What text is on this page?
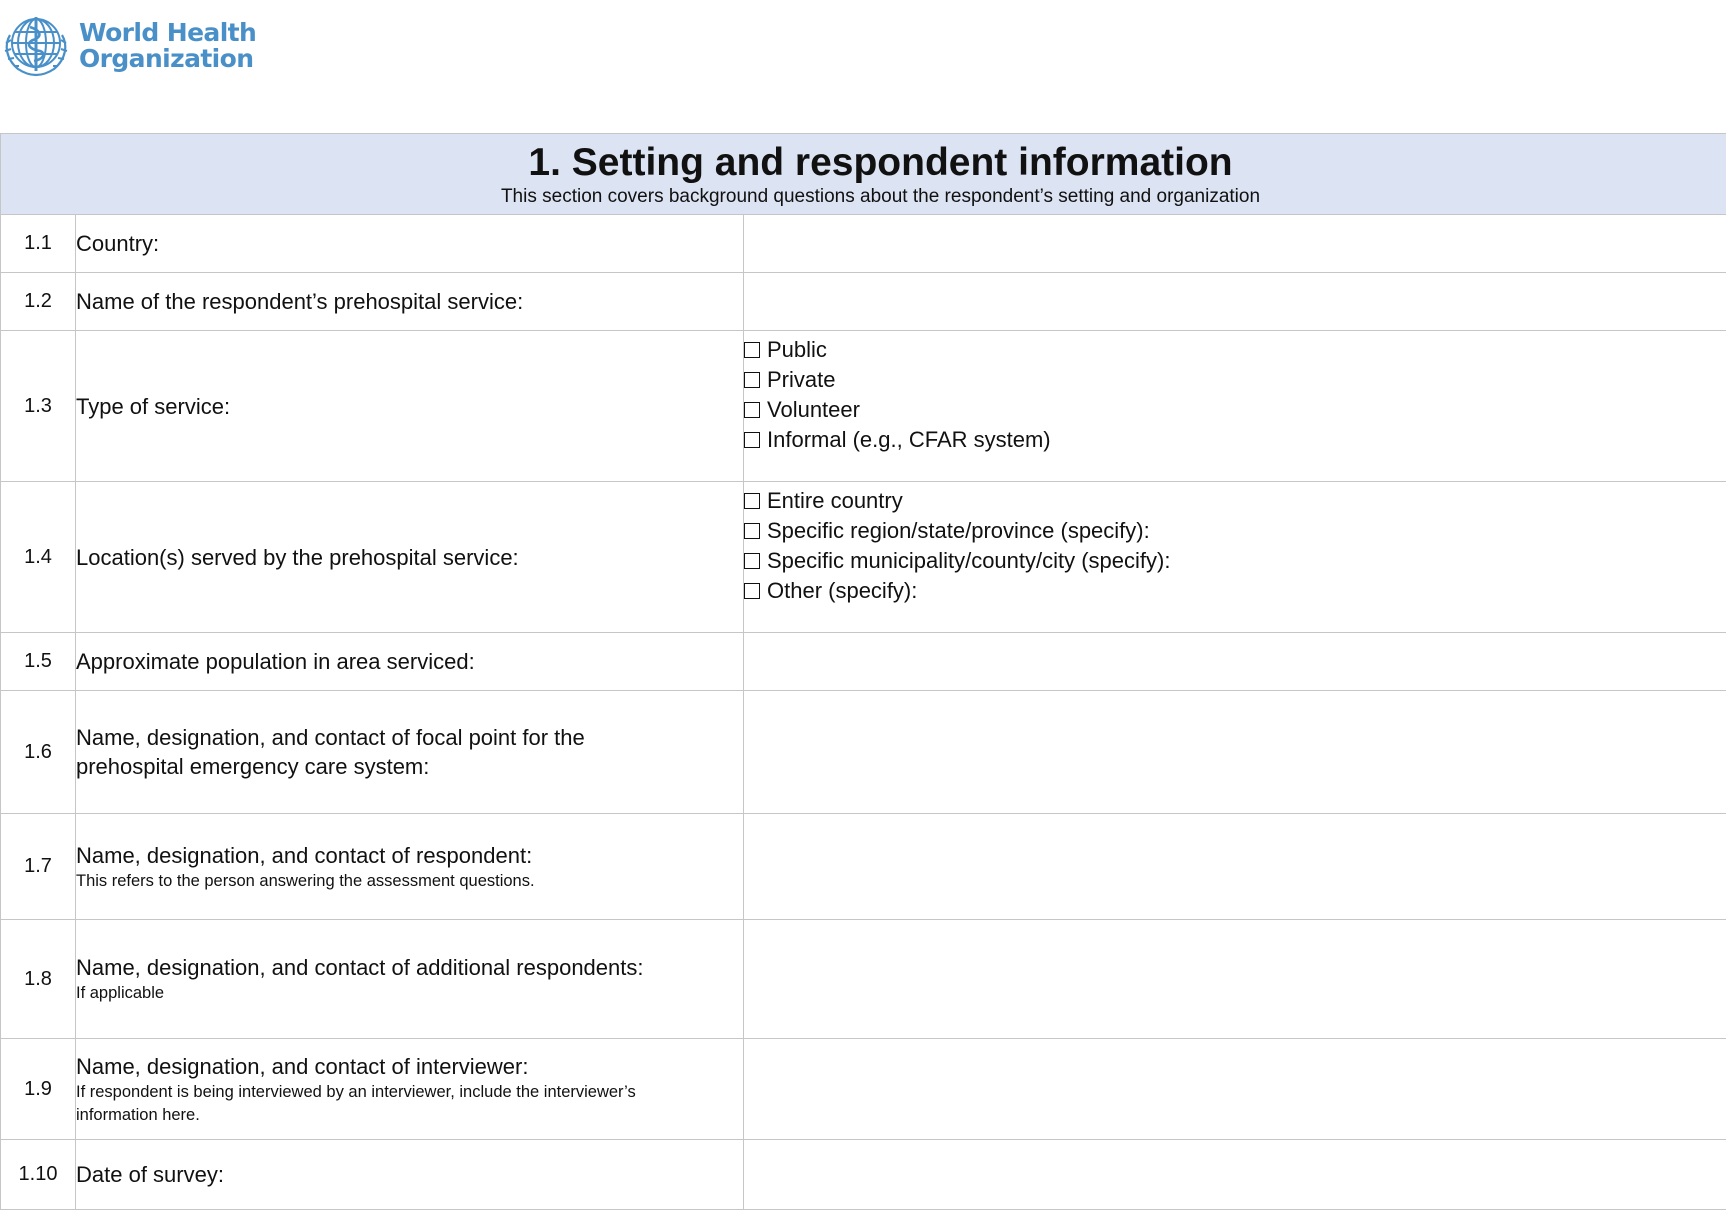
World Health
Organization
1. Setting and respondent information
This section covers background questions about the respondent’s setting and organization		

1.1	Country:	
1.2	Name of the respondent’s prehospital service:	
1.3	Type of service:	Public
Private
Volunteer
Informal (e.g., CFAR system)

1.4	Location(s) served by the prehospital service:	Entire country
Specific region/state/province (specify):
Specific municipality/county/city (specify):
Other (specify):

1.5	Approximate population in area serviced:	
1.6	Name, designation, and contact of focal point for the
prehospital emergency care system:	

1.7	Name, designation, and contact of respondent:
This refers to the person answering the assessment questions.	

1.8	Name, designation, and contact of additional respondents:
If applicable	

1.9	Name, designation, and contact of interviewer:
If respondent is being interviewed by an interviewer, include the interviewer’s
information here.	

1.10	Date of survey:	
